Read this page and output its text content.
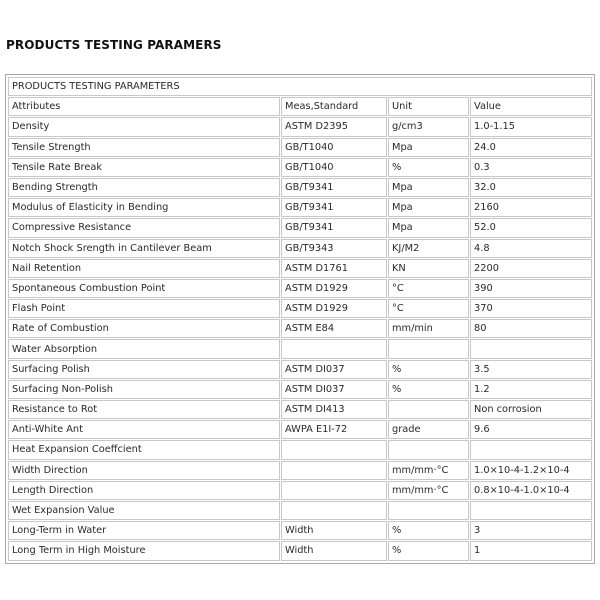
PRODUCTS TESTING PARAMERS
PRODUCTS TESTING PARAMETERS			
Attributes	Meas,Standard	Unit	Value
Density	ASTM D2395	g/cm3	1.0-1.15
Tensile Strength	GB/T1040	Mpa	24.0
Tensile Rate Break	GB/T1040	%	0.3
Bending Strength	GB/T9341	Mpa	32.0
Modulus of Elasticity in Bending	GB/T9341	Mpa	2160
Compressive Resistance	GB/T9341	Mpa	52.0
Notch Shock Srength in Cantilever Beam	GB/T9343	KJ/M2	4.8
Nail Retention	ASTM D1761	KN	2200
Spontaneous Combustion Point	ASTM D1929	°C	390
Flash Point	ASTM D1929	°C	370
Rate of Combustion	ASTM E84	mm/min	80
Water Absorption			
Surfacing Polish	ASTM DI037	%	3.5
Surfacing Non-Polish	ASTM DI037	%	1.2
Resistance to Rot	ASTM DI413		Non corrosion
Anti-White Ant	AWPA E1I-72	grade	9.6
Heat Expansion Coeffcient			
Width Direction		mm/mm·°C	1.0×10-4-1.2×10-4
Length Direction		mm/mm·°C	0.8×10-4-1.0×10-4
Wet Expansion Value			
Long-Term in Water	Width	%	3
Long Term in High Moisture	Width	%	1
